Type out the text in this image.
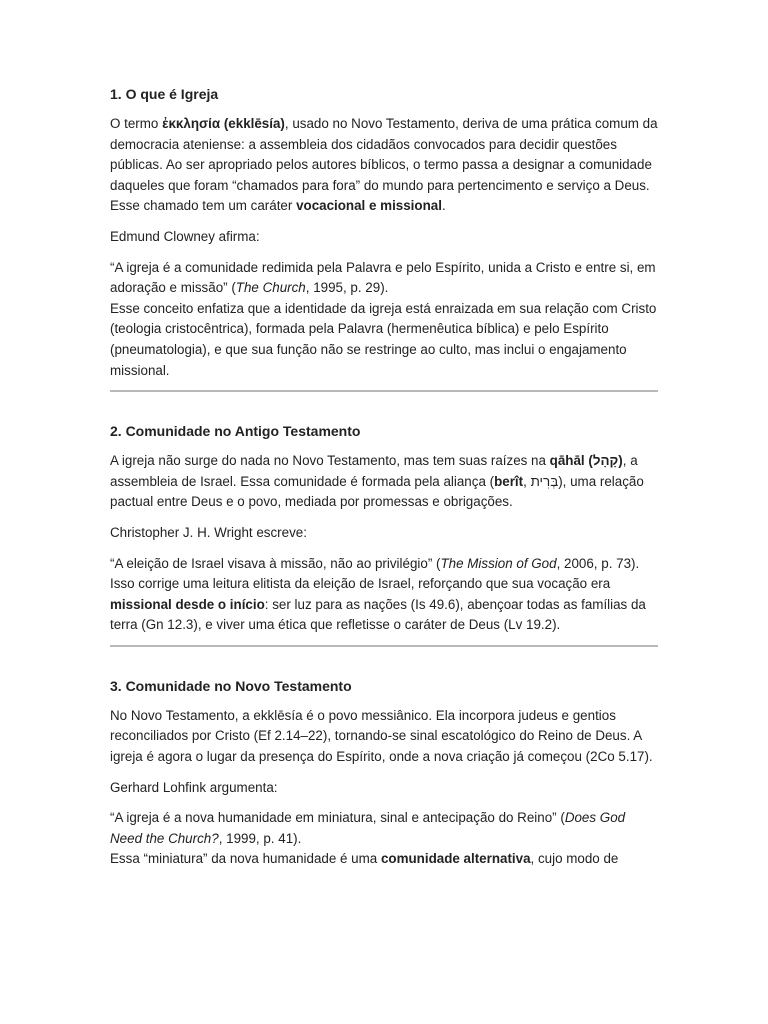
1. O que é Igreja

O termo ἐκκλησία (ekklēsía), usado no Novo Testamento, deriva de uma prática comum da democracia ateniense: a assembleia dos cidadãos convocados para decidir questões públicas. Ao ser apropriado pelos autores bíblicos, o termo passa a designar a comunidade daqueles que foram “chamados para fora” do mundo para pertencimento e serviço a Deus. Esse chamado tem um caráter vocacional e missional.

Edmund Clowney afirma:

“A igreja é a comunidade redimida pela Palavra e pelo Espírito, unida a Cristo e entre si, em adoração e missão” (The Church, 1995, p. 29).

Esse conceito enfatiza que a identidade da igreja está enraizada em sua relação com Cristo (teologia cristocêntrica), formada pela Palavra (hermenêutica bíblica) e pelo Espírito (pneumatologia), e que sua função não se restringe ao culto, mas inclui o engajamento missional.

2. Comunidade no Antigo Testamento

A igreja não surge do nada no Novo Testamento, mas tem suas raízes na qāhāl (קָהָל), a assembleia de Israel. Essa comunidade é formada pela aliança (berît, בְּרִית), uma relação pactual entre Deus e o povo, mediada por promessas e obrigações.

Christopher J. H. Wright escreve:

“A eleição de Israel visava à missão, não ao privilégio” (The Mission of God, 2006, p. 73).

Isso corrige uma leitura elitista da eleição de Israel, reforçando que sua vocação era missional desde o início: ser luz para as nações (Is 49.6), abençoar todas as famílias da terra (Gn 12.3), e viver uma ética que refletisse o caráter de Deus (Lv 19.2).

3. Comunidade no Novo Testamento

No Novo Testamento, a ekklēsía é o povo messiânico. Ela incorpora judeus e gentios reconciliados por Cristo (Ef 2.14–22), tornando-se sinal escatológico do Reino de Deus. A igreja é agora o lugar da presença do Espírito, onde a nova criação já começou (2Co 5.17).

Gerhard Lohfink argumenta:

“A igreja é a nova humanidade em miniatura, sinal e antecipação do Reino” (Does God Need the Church?, 1999, p. 41).

Essa “miniatura” da nova humanidade é uma comunidade alternativa, cujo modo de
